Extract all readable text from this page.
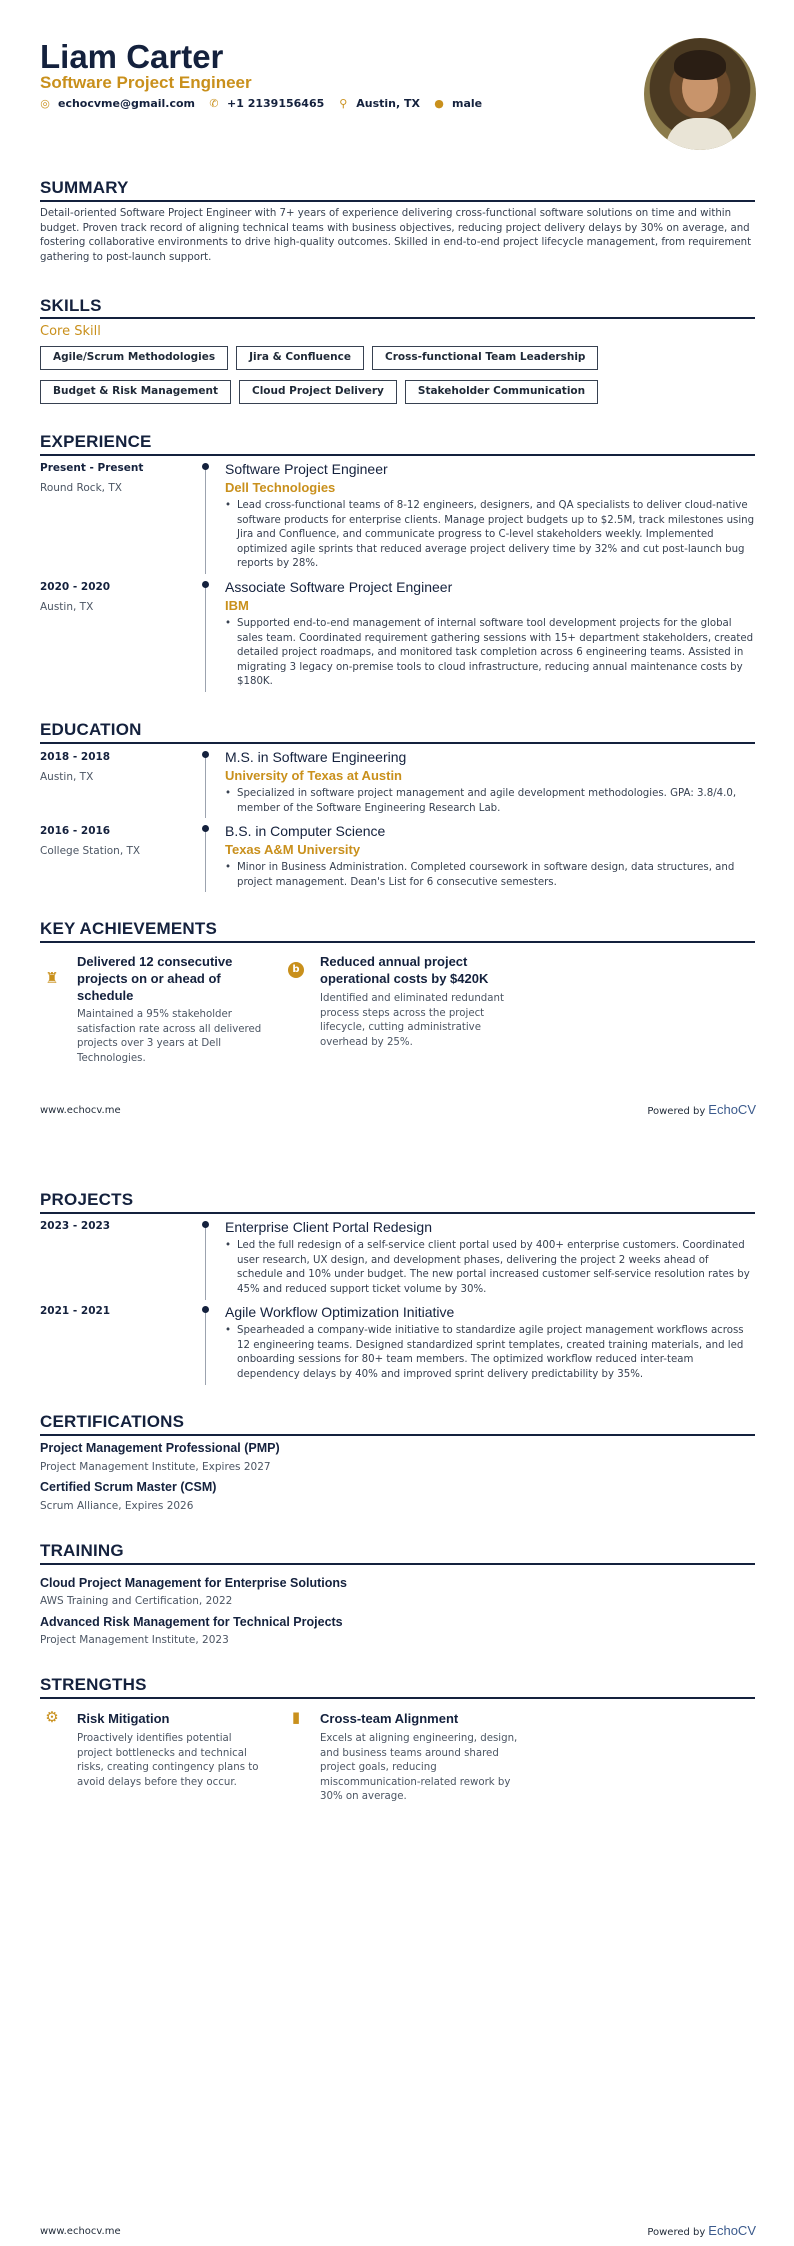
Liam Carter
Software Project Engineer
◎ echocvme@gmail.com ✆ +1 2139156465 ⚲ Austin, TX ● male
SUMMARY
Detail-oriented Software Project Engineer with 7+ years of experience delivering cross-functional software solutions on time and within budget. Proven track record of aligning technical teams with business objectives, reducing project delivery delays by 30% on average, and fostering collaborative environments to drive high-quality outcomes. Skilled in end-to-end project lifecycle management, from requirement gathering to post-launch support.
SKILLS
Core Skill
Agile/Scrum Methodologies	Jira & Confluence	Cross-functional Team Leadership
Budget & Risk Management	Cloud Project Delivery	Stakeholder Communication
EXPERIENCE
Present - Present
Round Rock, TX
Software Project Engineer
Dell Technologies
• Lead cross-functional teams of 8-12 engineers, designers, and QA specialists to deliver cloud-native software products for enterprise clients. Manage project budgets up to $2.5M, track milestones using Jira and Confluence, and communicate progress to C-level stakeholders weekly. Implemented optimized agile sprints that reduced average project delivery time by 32% and cut post-launch bug reports by 28%.
2020 - 2020
Austin, TX
Associate Software Project Engineer
IBM
• Supported end-to-end management of internal software tool development projects for the global sales team. Coordinated requirement gathering sessions with 15+ department stakeholders, created detailed project roadmaps, and monitored task completion across 6 engineering teams. Assisted in migrating 3 legacy on-premise tools to cloud infrastructure, reducing annual maintenance costs by $180K.
EDUCATION
2018 - 2018
Austin, TX
M.S. in Software Engineering
University of Texas at Austin
• Specialized in software project management and agile development methodologies. GPA: 3.8/4.0, member of the Software Engineering Research Lab.
2016 - 2016
College Station, TX
B.S. in Computer Science
Texas A&M University
• Minor in Business Administration. Completed coursework in software design, data structures, and project management. Dean's List for 6 consecutive semesters.
KEY ACHIEVEMENTS
♜
Delivered 12 consecutive projects on or ahead of schedule
Maintained a 95% stakeholder satisfaction rate across all delivered projects over 3 years at Dell Technologies.
b
Reduced annual project operational costs by $420K
Identified and eliminated redundant process steps across the project lifecycle, cutting administrative overhead by 25%.
www.echocv.me	Powered by EchoCV
PROJECTS
2023 - 2023	Enterprise Client Portal Redesign
• Led the full redesign of a self-service client portal used by 400+ enterprise customers. Coordinated user research, UX design, and development phases, delivering the project 2 weeks ahead of schedule and 10% under budget. The new portal increased customer self-service resolution rates by 45% and reduced support ticket volume by 30%.
2021 - 2021	Agile Workflow Optimization Initiative
• Spearheaded a company-wide initiative to standardize agile project management workflows across 12 engineering teams. Designed standardized sprint templates, created training materials, and led onboarding sessions for 80+ team members. The optimized workflow reduced inter-team dependency delays by 40% and improved sprint delivery predictability by 35%.
CERTIFICATIONS
Project Management Professional (PMP)
Project Management Institute, Expires 2027
Certified Scrum Master (CSM)
Scrum Alliance, Expires 2026
TRAINING
Cloud Project Management for Enterprise Solutions
AWS Training and Certification, 2022
Advanced Risk Management for Technical Projects
Project Management Institute, 2023
STRENGTHS
⚙ Risk Mitigation
Proactively identifies potential project bottlenecks and technical risks, creating contingency plans to avoid delays before they occur.
▮ Cross-team Alignment
Excels at aligning engineering, design, and business teams around shared project goals, reducing miscommunication-related rework by 30% on average.
www.echocv.me	Powered by EchoCV
